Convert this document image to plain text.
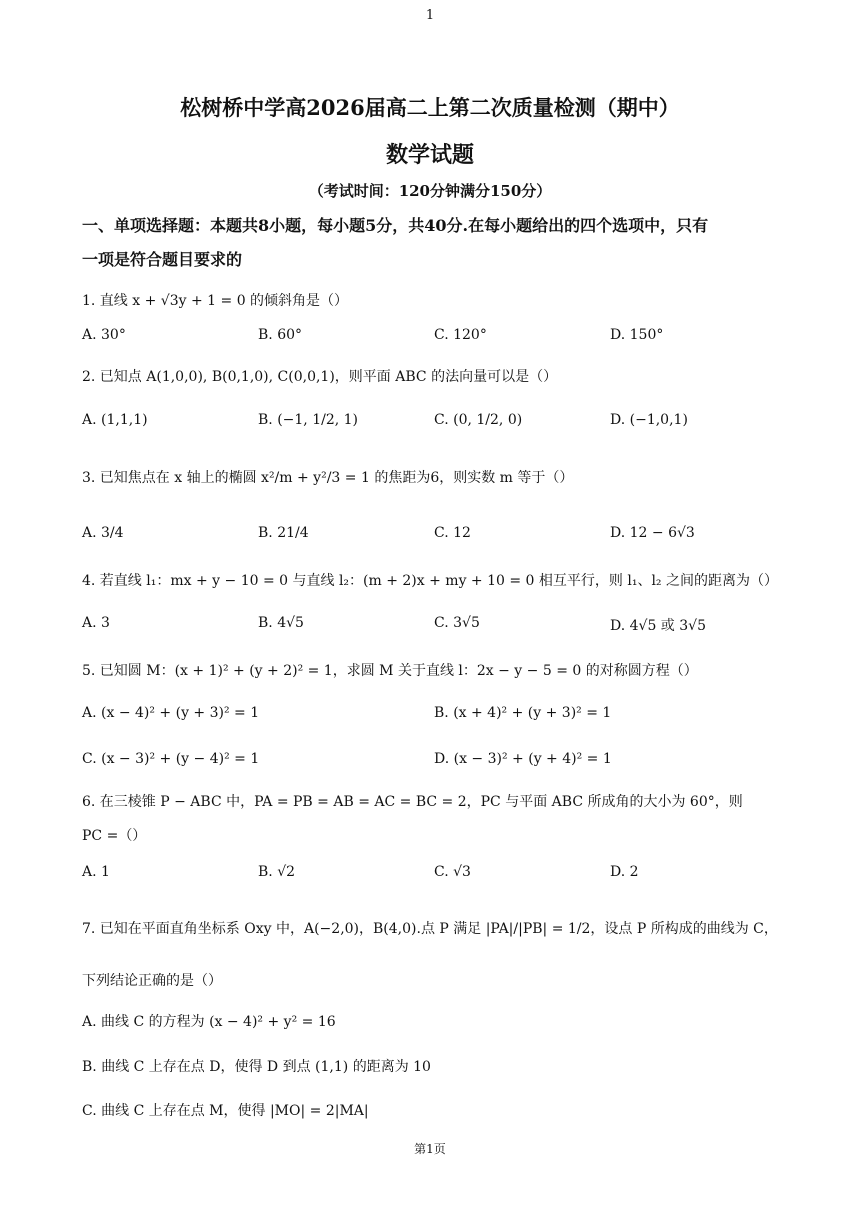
1
松树桥中学高2026届高二上第二次质量检测（期中）
数学试题
（考试时间：120分钟满分150分）
一、单项选择题：本题共8小题，每小题5分，共40分.在每小题给出的四个选项中，只有
一项是符合题目要求的
1. 直线 x + √3y + 1 = 0 的倾斜角是（）
A. 30°	B. 60°	C. 120°	D. 150°
2. 已知点 A(1,0,0), B(0,1,0), C(0,0,1)，则平面 ABC 的法向量可以是（）
A. (1,1,1)	B. (−1, 1/2, 1)	C. (0, 1/2, 0)	D. (−1,0,1)
3. 已知焦点在 x 轴上的椭圆 x²/m + y²/3 = 1 的焦距为6，则实数 m 等于（）
A. 3/4	B. 21/4	C. 12	D. 12 − 6√3
4. 若直线 l₁：mx + y − 10 = 0 与直线 l₂：(m + 2)x + my + 10 = 0 相互平行，则 l₁、l₂ 之间的距离为（）
A. 3	B. 4√5	C. 3√5	D. 4√5 或 3√5
5. 已知圆 M：(x + 1)² + (y + 2)² = 1，求圆 M 关于直线 l：2x − y − 5 = 0 的对称圆方程（）
A. (x − 4)² + (y + 3)² = 1	B. (x + 4)² + (y + 3)² = 1
C. (x − 3)² + (y − 4)² = 1	D. (x − 3)² + (y + 4)² = 1
6. 在三棱锥 P − ABC 中，PA = PB = AB = AC = BC = 2，PC 与平面 ABC 所成角的大小为 60°，则
PC =（）
A. 1	B. √2	C. √3	D. 2
7. 已知在平面直角坐标系 Oxy 中，A(−2,0)，B(4,0).点 P 满足 |PA|/|PB| = 1/2，设点 P 所构成的曲线为 C，
下列结论正确的是（）
A. 曲线 C 的方程为 (x − 4)² + y² = 16
B. 曲线 C 上存在点 D，使得 D 到点 (1,1) 的距离为 10
C. 曲线 C 上存在点 M，使得 |MO| = 2|MA|
第1页
